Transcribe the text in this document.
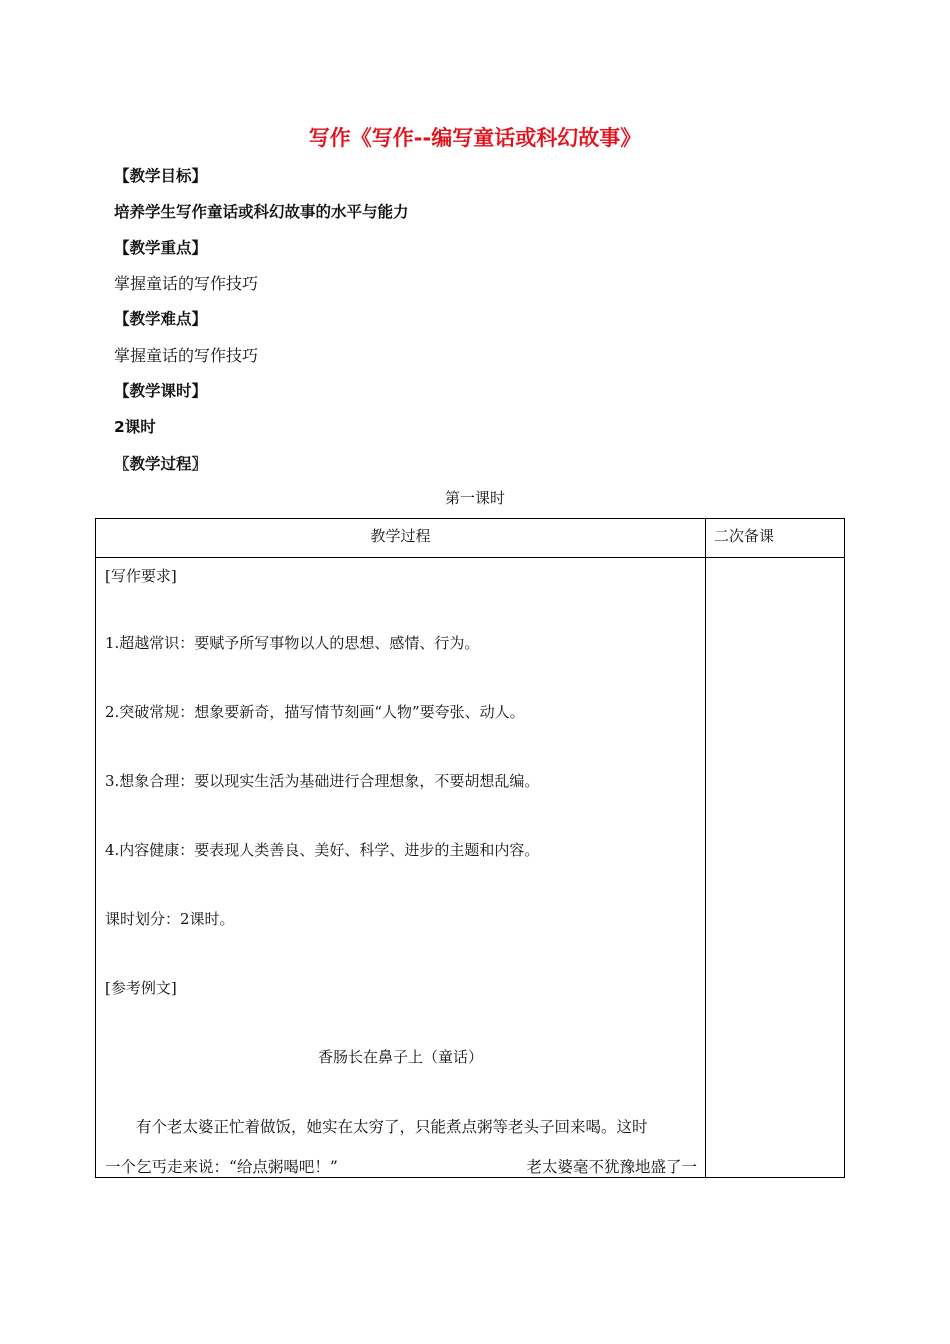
写作《写作--编写童话或科幻故事》
【教学目标】
培养学生写作童话或科幻故事的水平与能力
【教学重点】
掌握童话的写作技巧
【教学难点】
掌握童话的写作技巧
【教学课时】
2课时
〖教学过程〗
第一课时
教学过程	二次备课
[写作要求]
1.超越常识：要赋予所写事物以人的思想、感情、行为。
2.突破常规：想象要新奇，描写情节刻画“人物”要夸张、动人。
3.想象合理：要以现实生活为基础进行合理想象，不要胡想乱编。
4.内容健康：要表现人类善良、美好、科学、进步的主题和内容。
课时划分：2课时。
[参考例文]
香肠长在鼻子上（童话）
有个老太婆正忙着做饭，她实在太穷了，只能煮点粥等老头子回来喝。这时
一个乞丐走来说：“给点粥喝吧！”	老太婆毫不犹豫地盛了一
